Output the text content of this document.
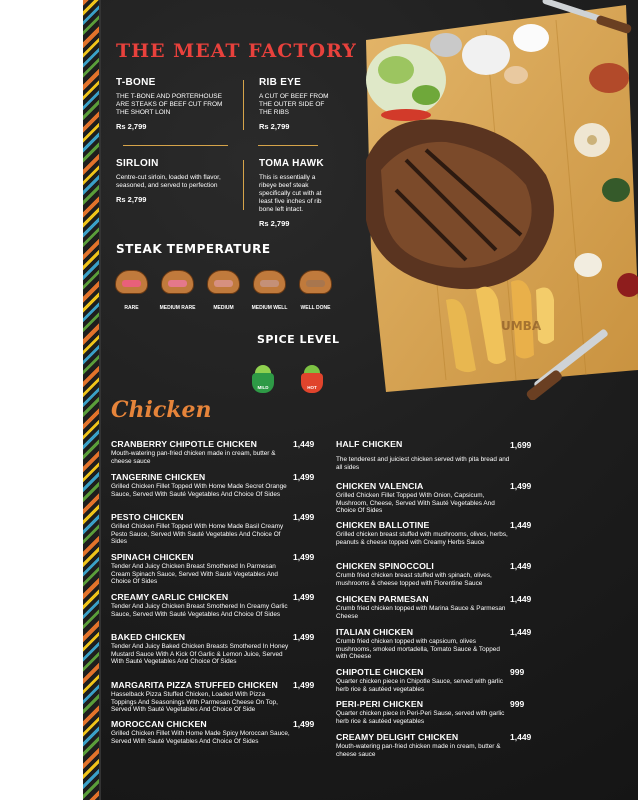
THE MEAT FACTORY
T-BONE

THE T-BONE AND PORTERHOUSE ARE STEAKS OF BEEF CUT FROM THE SHORT LOIN

Rs 2,799
RIB EYE

A CUT OF BEEF FROM THE OUTER SIDE OF THE RIBS

Rs 2,799
SIRLOIN

Centre-cut sirloin, loaded with flavor, seasoned, and served to perfection

Rs 2,799
TOMA HAWK

This is essentially a ribeye beef steak specifically cut with at least five inches of rib bone left intact.

Rs 2,799
STEAK TEMPERATURE
RARE	MEDIUM RARE	MEDIUM	MEDIUM WELL	WELL DONE
SPICE LEVEL
MILD	HOT
UMBA
Chicken
CRANBERRY CHIPOTLE CHICKEN

Mouth-watering pan-fried chicken made in cream, butter & cheese sauce

1,449
TANGERINE CHICKEN

Grilled Chicken Fillet Topped With Home Made Secret Orange Sauce, Served With Sauté Vegetables And Choice Of Sides

1,499
PESTO CHICKEN

Grilled Chicken Fillet Topped With Home Made Basil Creamy Pesto Sauce, Served With Sauté Vegetables And Choice Of Sides

1,499
SPINACH CHICKEN

Tender And Juicy Chicken Breast Smothered In Parmesan Cream Spinach Sauce, Served With Sauté Vegetables And Choice Of Sides

1,499
CREAMY GARLIC CHICKEN

Tender And Juicy Chicken Breast Smothered In Creamy Garlic Sauce, Served With Sauté Vegetables And Choice Of Sides

1,499
BAKED CHICKEN

Tender And Juicy Baked Chicken Breasts Smothered In Honey Mustard Sauce With A Kick Of Garlic & Lemon Juice, Served With Sauté Vegetables And Choice Of Sides

1,499
MARGARITA PIZZA STUFFED CHICKEN

Hasselback Pizza Stuffed Chicken, Loaded With Pizza Toppings And Seasonings With Parmesan Cheese On Top, Served With Sauté Vegetables And Choice Of Side

1,499
MOROCCAN CHICKEN

Grilled Chicken Fillet With Home Made Spicy Moroccan Sauce, Served With Sauté Vegetables And Choice Of Sides

1,499
HALF CHICKEN

The tenderest and juiciest chicken served with pita bread and all sides

1,699
CHICKEN VALENCIA

Grilled Chicken Fillet Topped With Onion, Capsicum, Mushroom, Cheese, Served With Sauté Vegetables And Choice Of Sides

1,499
CHICKEN BALLOTINE

Grilled chicken breast stuffed with mushrooms, olives, herbs, peanuts & cheese topped with Creamy Herbs Sauce

1,449
CHICKEN SPINOCCOLI

Crumb fried chicken breast stuffed with spinach, olives, mushrooms & cheese topped with Florentine Sauce

1,449
CHICKEN PARMESAN

Crumb fried chicken topped with Marina Sauce & Parmesan Cheese

1,449
ITALIAN CHICKEN

Crumb fried chicken topped with capsicum, olives mushrooms, smoked mortadella, Tomato Sauce & Topped with Cheese

1,449
CHIPOTLE CHICKEN

Quarter chicken piece in Chipotle Sauce, served with garlic herb rice & sautéed vegetables

999
PERI-PERI CHICKEN

Quarter chicken piece in Peri-Peri Sause, served with garlic herb rice & sautéed vegetables

999
CREAMY DELIGHT CHICKEN

Mouth-watering pan-fried chicken made in cream, butter & cheese sauce

1,449
